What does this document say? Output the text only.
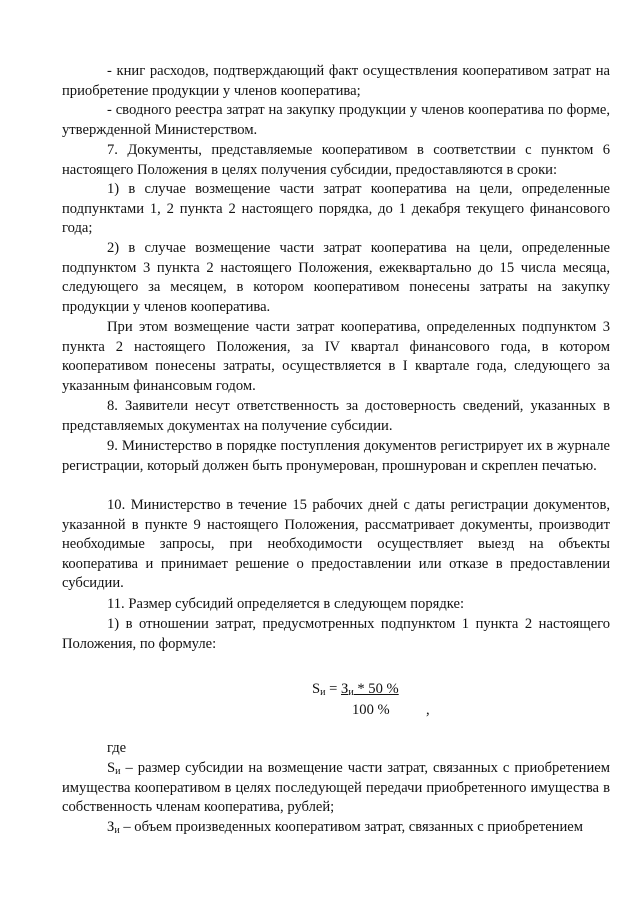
- книг расходов, подтверждающий факт осуществления кооперативом затрат на приобретение продукции у членов кооператива;

- сводного реестра затрат на закупку продукции у членов кооператива по форме, утвержденной Министерством.

7. Документы, представляемые кооперативом в соответствии с пунктом 6 настоящего Положения в целях получения субсидии, предоставляются в сроки:

1) в случае возмещение части затрат кооператива на цели, определенные подпунктами 1, 2 пункта 2 настоящего порядка, до 1 декабря текущего финансового года;

2) в случае возмещение части затрат кооператива на цели, определенные подпунктом 3 пункта 2 настоящего Положения, ежеквартально до 15 числа месяца, следующего за месяцем, в котором кооперативом понесены затраты на закупку продукции у членов кооператива.

При этом возмещение части затрат кооператива, определенных подпунктом 3 пункта 2 настоящего Положения, за IV квартал финансового года, в котором кооперативом понесены затраты, осуществляется в I квартале года, следующего за указанным финансовым годом.

8. Заявители несут ответственность за достоверность сведений, указанных в представляемых документах на получение субсидии.

9. Министерство в порядке поступления документов регистрирует их в журнале регистрации, который должен быть пронумерован, прошнурован и скреплен печатью.

10. Министерство в течение 15 рабочих дней с даты регистрации документов, указанной в пункте 9 настоящего Положения, рассматривает документы, производит необходимые запросы, при необходимости осуществляет выезд на объекты кооператива и принимает решение о предоставлении или отказе в предоставлении субсидии.

11. Размер субсидий определяется в следующем порядке:

1) в отношении затрат, предусмотренных подпунктом 1 пункта 2 настоящего Положения, по формуле:

$S_и = З_и * 50$ %
100 % ,
где

$S_и$ – размер субсидии на возмещение части затрат, связанных с приобретением имущества кооперативом в целях последующей передачи приобретенного имущества в собственность членам кооператива, рублей;

$З_и$ – объем произведенных кооперативом затрат, связанных с приобретением
